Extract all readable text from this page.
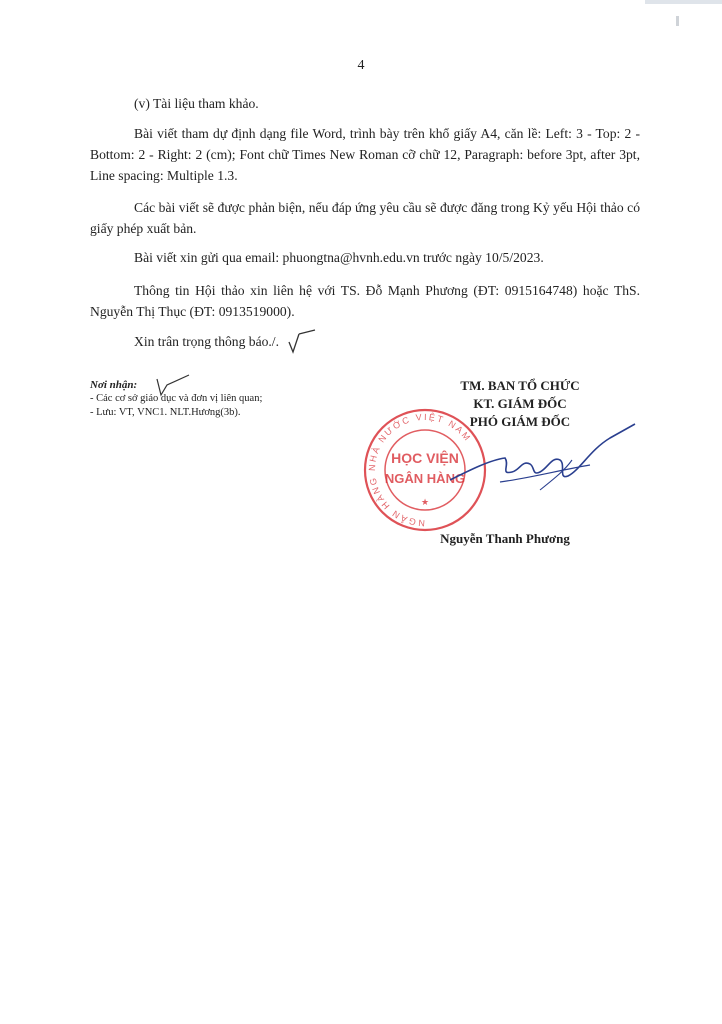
4

(v) Tài liệu tham khảo.

Bài viết tham dự định dạng file Word, trình bày trên khổ giấy A4, căn lề: Left: 3 - Top: 2 - Bottom: 2 - Right: 2 (cm); Font chữ Times New Roman cỡ chữ 12, Paragraph: before 3pt, after 3pt, Line spacing: Multiple 1.3.

Các bài viết sẽ được phản biện, nếu đáp ứng yêu cầu sẽ được đăng trong Kỷ yếu Hội thảo có giấy phép xuất bản.

Bài viết xin gửi qua email: phuongtna@hvnh.edu.vn trước ngày 10/5/2023.

Thông tin Hội thảo xin liên hệ với TS. Đỗ Mạnh Phương (ĐT: 0915164748) hoặc ThS. Nguyễn Thị Thục (ĐT: 0913519000).

Xin trân trọng thông báo./.

Nơi nhận:
- Các cơ sở giáo dục và đơn vị liên quan;
- Lưu: VT, VNC1. NLT.Hương(3b).
TM. BAN TỔ CHỨC
KT. GIÁM ĐỐC
PHÓ GIÁM ĐỐC
NGÂN HÀNG NHÀ NƯỚC VIỆT NAM
HỌC VIỆN
NGÂN HÀNG
★
Nguyễn Thanh Phương
